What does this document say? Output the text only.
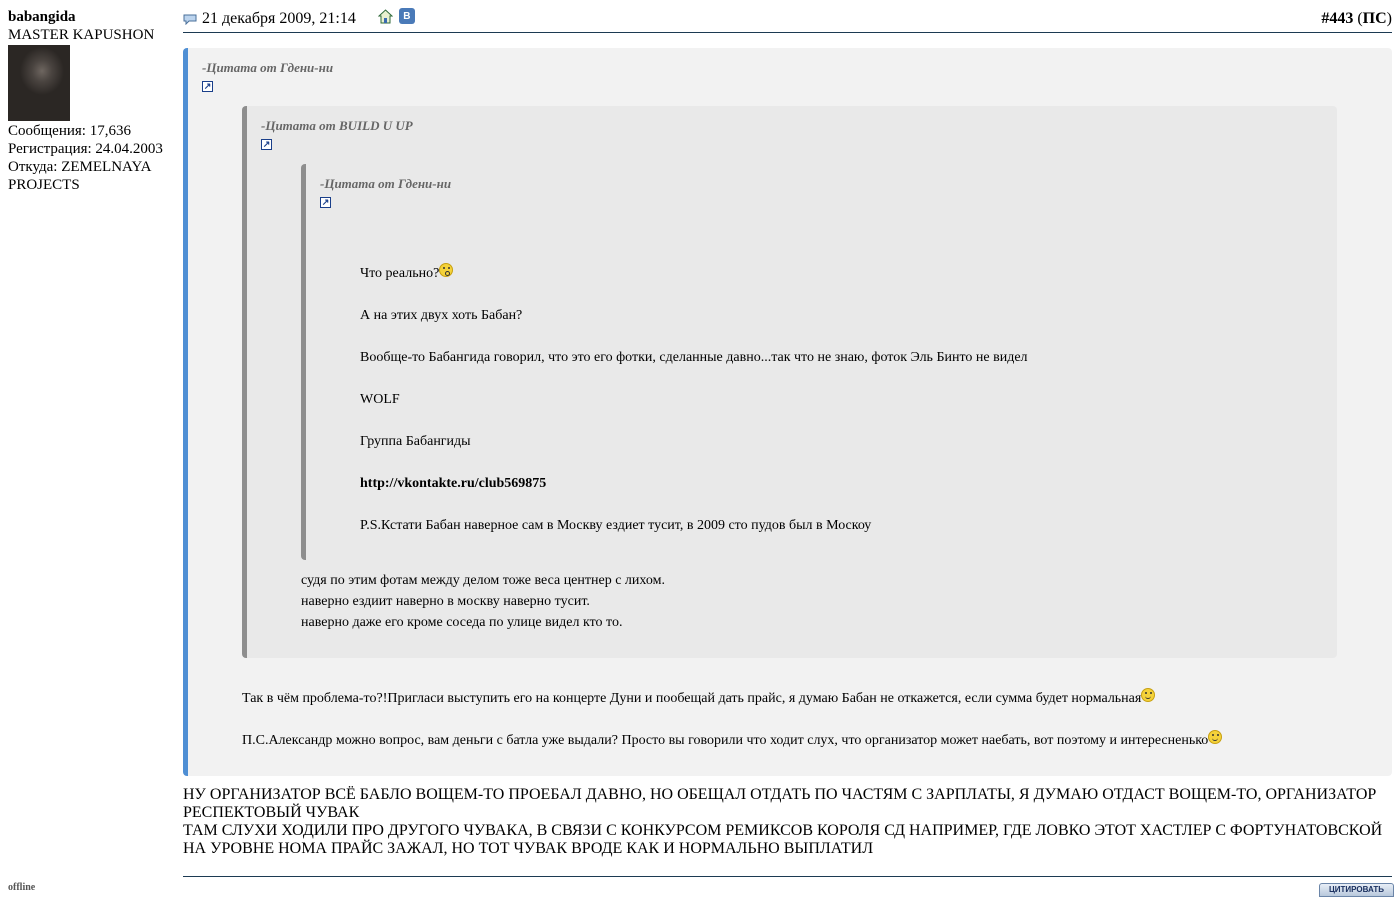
babangida
MASTER KAPUSHON
Сообщения: 17,636
Регистрация: 24.04.2003
Откуда: ZEMELNAYA PROJECTS
offline
21 декабря 2009, 21:14	B	#443 (ПС)
-Цитата от Гдени-ни
↗
-Цитата от BUILD U UP
↗
-Цитата от Гдени-ни
↗
Что реально?
А на этих двух хоть Бабан?
Вообще-то Бабангида говорил, что это его фотки, сделанные давно...так что не знаю, фоток Эль Бинто не видел
WOLF
Группа Бабангиды
http://vkontakte.ru/club569875
P.S.Кстати Бабан наверное сам в Москву ездиет тусит, в 2009 сто пудов был в Москоу
судя по этим фотам между делом тоже веса центнер с лихом.
наверно ездиит наверно в москву наверно тусит.
наверно даже его кроме соседа по улице видел кто то.
Так в чём проблема-то?!Пригласи выступить его на концерте Дуни и пообещай дать прайс, я думаю Бабан не откажется, если сумма будет нормальная
П.С.Александр можно вопрос, вам деньги с батла уже выдали? Просто вы говорили что ходит слух, что организатор может наебать, вот поэтому и интересненько
НУ ОРГАНИЗАТОР ВСЁ БАБЛО ВОЩЕМ-ТО ПРОЕБАЛ ДАВНО, НО ОБЕЩАЛ ОТДАТЬ ПО ЧАСТЯМ С ЗАРПЛАТЫ, Я ДУМАЮ ОТДАСТ ВОЩЕМ-ТО, ОРГАНИЗАТОР РЕСПЕКТОВЫЙ ЧУВАК
ТАМ СЛУХИ ХОДИЛИ ПРО ДРУГОГО ЧУВАКА, В СВЯЗИ С КОНКУРСОМ РЕМИКСОВ КОРОЛЯ СД НАПРИМЕР, ГДЕ ЛОВКО ЭТОТ ХАСТЛЕР С ФОРТУНАТОВСКОЙ НА УРОВНЕ НОМА ПРАЙС ЗАЖАЛ, НО ТОТ ЧУВАК ВРОДЕ КАК И НОРМАЛЬНО ВЫПЛАТИЛ
ЦИТИРОВАТЬ
